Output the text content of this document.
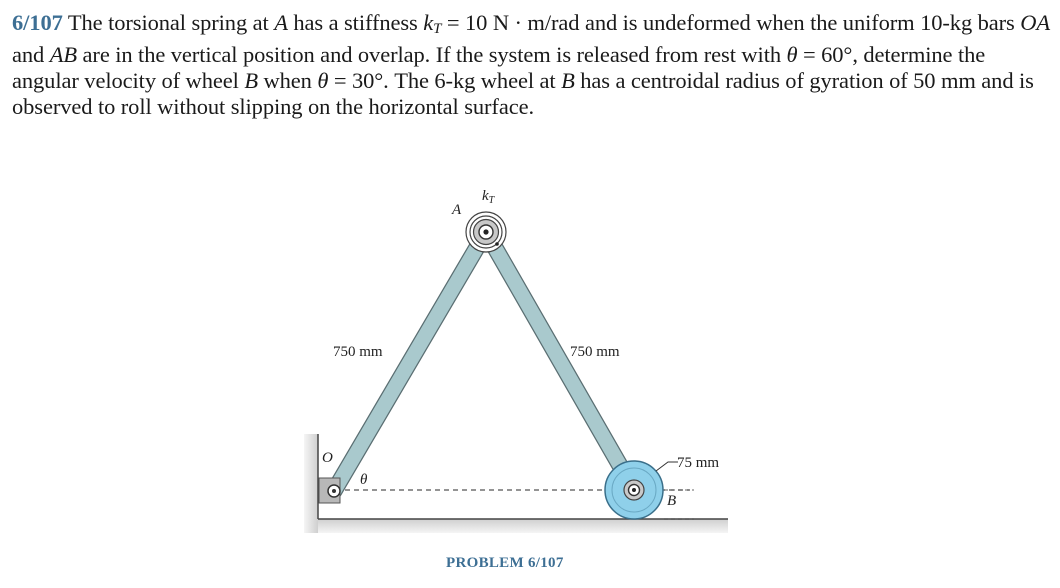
6/107 The torsional spring at A has a stiffness $k_T = 10$ N · m/rad and is undeformed when the uniform 10-kg bars OA and AB are in the vertical position and overlap. If the system is released from rest with θ = 60°, determine the angular velocity of wheel B when θ = 30°. The 6-kg wheel at B has a centroidal radius of gyration of 50 mm and is observed to roll without slipping on the horizontal surface.
A
$k_T$
O
θ
B
750 mm	750 mm
75 mm
PROBLEM 6/107
